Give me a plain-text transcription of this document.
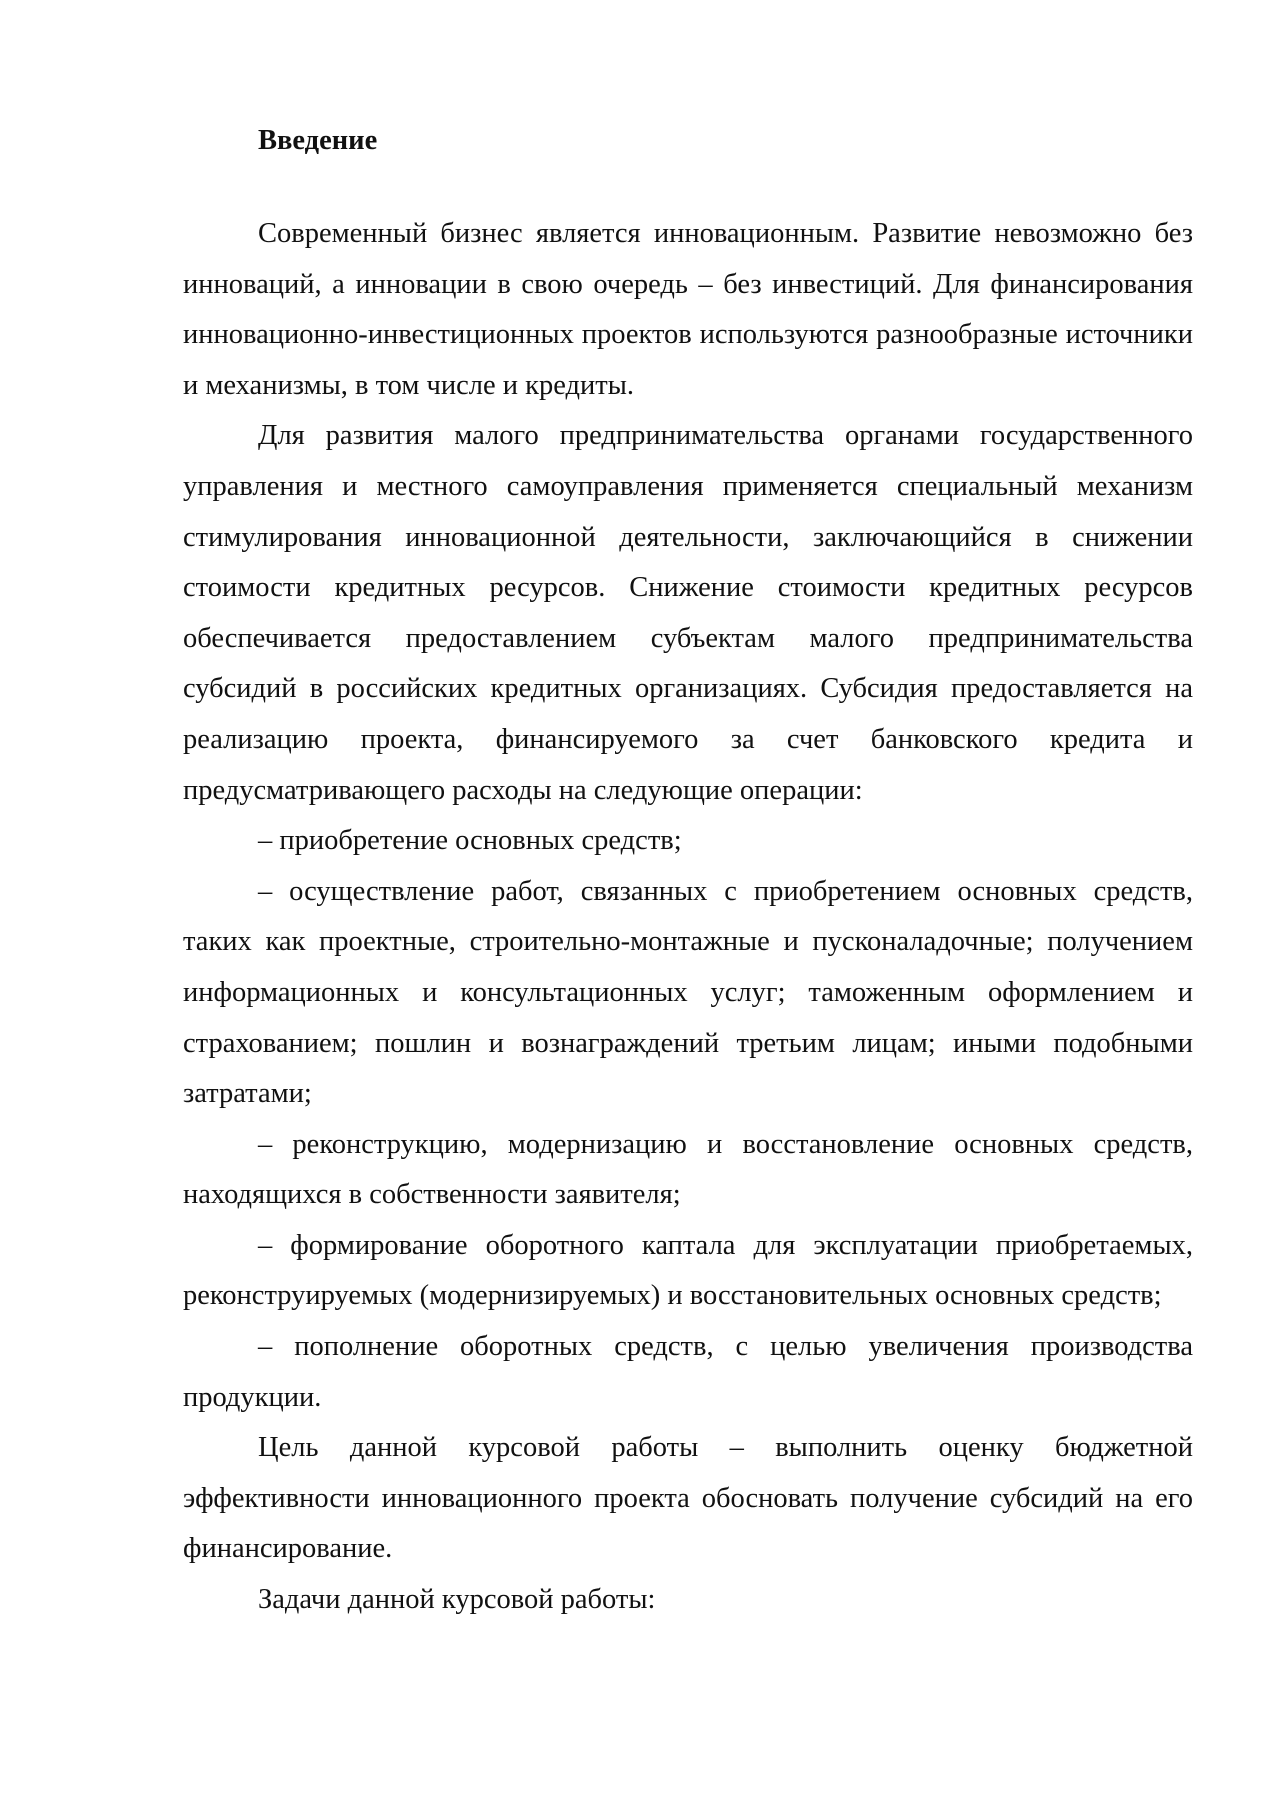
Введение

Современный бизнес является инновационным. Развитие невозможно без инноваций, а инновации в свою очередь – без инвестиций. Для финансирования инновационно-инвестиционных проектов используются разнообразные источники и механизмы, в том числе и кредиты.

Для развития малого предпринимательства органами государственного управления и местного самоуправления применяется специальный механизм стимулирования инновационной деятельности, заключающийся в снижении стоимости кредитных ресурсов. Снижение стоимости кредитных ресурсов обеспечивается предоставлением субъектам малого предпринимательства субсидий в российских кредитных организациях. Субсидия предоставляется на реализацию проекта, финансируемого за счет банковского кредита и предусматривающего расходы на следующие операции:

– приобретение основных средств;

– осуществление работ, связанных с приобретением основных средств, таких как проектные, строительно-монтажные и пусконаладочные; получением информационных и консультационных услуг; таможенным оформлением и страхованием; пошлин и вознаграждений третьим лицам; иными подобными затратами;

– реконструкцию, модернизацию и восстановление основных средств, находящихся в собственности заявителя;

– формирование оборотного каптала для эксплуатации приобретаемых, реконструируемых (модернизируемых) и восстановительных основных средств;

– пополнение оборотных средств, с целью увеличения производства продукции.

Цель данной курсовой работы – выполнить оценку бюджетной эффективности инновационного проекта обосновать получение субсидий на его финансирование.

Задачи данной курсовой работы:
